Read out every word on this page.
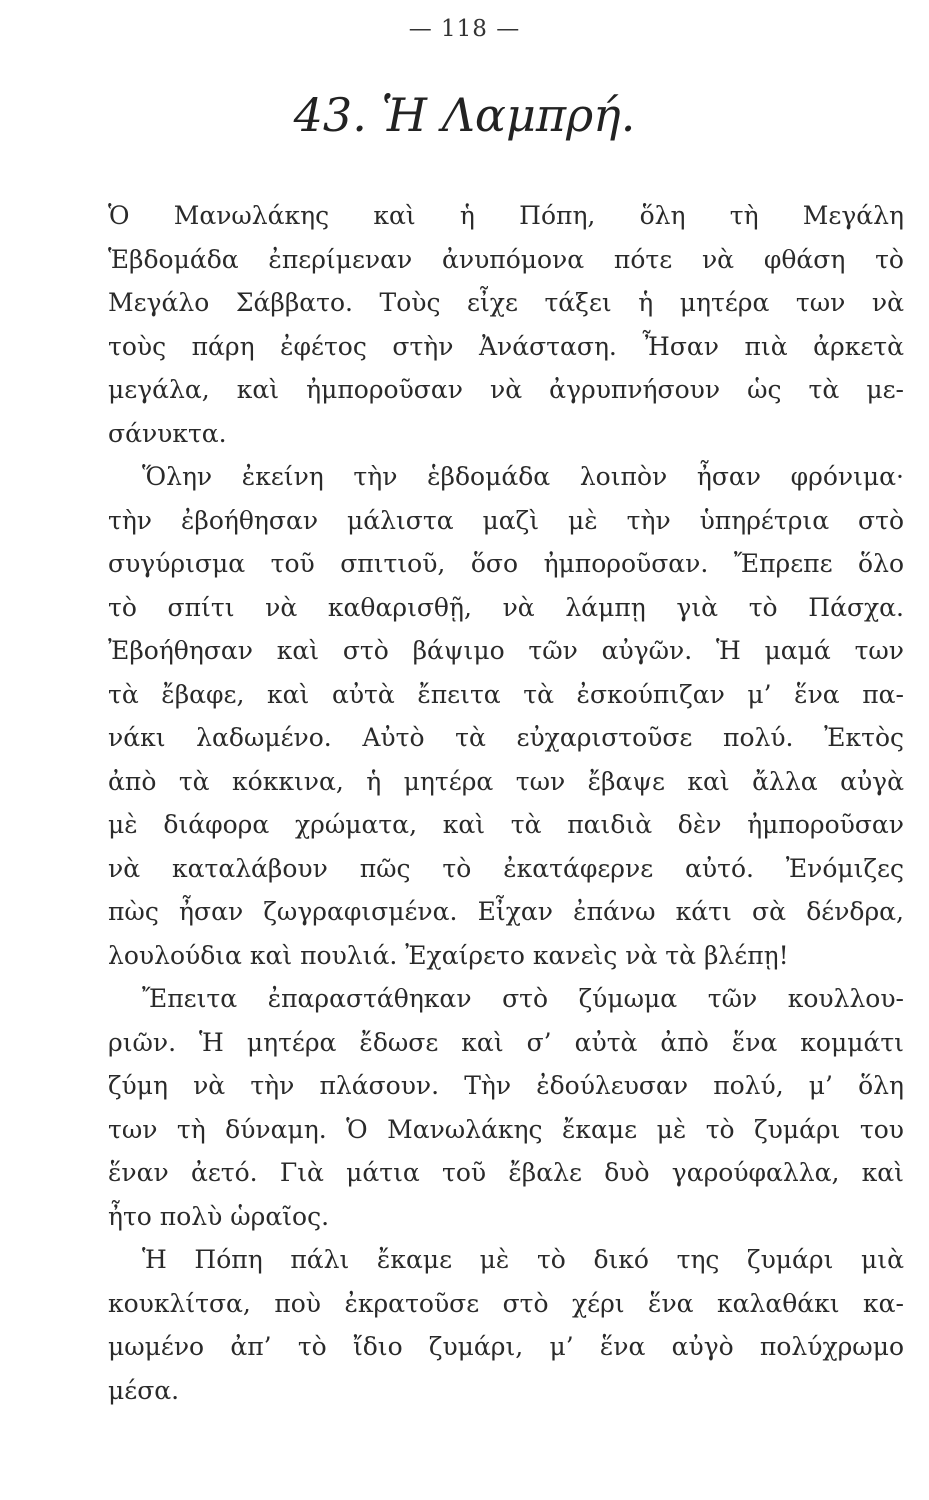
— 118 —
43. Ἡ Λαμπρή.
Ὁ Μανωλάκης καὶ ἡ Πόπη, ὅλη τὴ Μεγάλη
Ἑβδομάδα ἐπερίμεναν ἀνυπόμονα πότε νὰ φθάση τὸ
Μεγάλο Σάββατο. Τοὺς εἶχε τάξει ἡ μητέρα των νὰ
τοὺς πάρη ἐφέτος στὴν Ἀνάσταση. Ἦσαν πιὰ ἀρκετὰ
μεγάλα, καὶ ἠμποροῦσαν νὰ ἀγρυπνήσουν ὡς τὰ με-
σάνυκτα.
Ὅλην ἐκείνη τὴν ἑβδομάδα λοιπὸν ἦσαν φρόνιμα·
τὴν ἐβοήθησαν μάλιστα μαζὶ μὲ τὴν ὑπηρέτρια στὸ
συγύρισμα τοῦ σπιτιοῦ, ὅσο ἠμποροῦσαν. Ἔπρεπε ὅλο
τὸ σπίτι νὰ καθαρισθῇ, νὰ λάμπῃ γιὰ τὸ Πάσχα.
Ἐβοήθησαν καὶ στὸ βάψιμο τῶν αὐγῶν. Ἡ μαμά των
τὰ ἔβαφε, καὶ αὐτὰ ἔπειτα τὰ ἐσκούπιζαν μ’ ἕνα πα-
νάκι λαδωμένο. Αὐτὸ τὰ εὐχαριστοῦσε πολύ. Ἐκτὸς
ἀπὸ τὰ κόκκινα, ἡ μητέρα των ἔβαψε καὶ ἄλλα αὐγὰ
μὲ διάφορα χρώματα, καὶ τὰ παιδιὰ δὲν ἠμποροῦσαν
νὰ καταλάβουν πῶς τὸ ἐκατάφερνε αὐτό. Ἐνόμιζες
πὼς ἦσαν ζωγραφισμένα. Εἶχαν ἐπάνω κάτι σὰ δένδρα,
λουλούδια καὶ πουλιά. Ἐχαίρετο κανεὶς νὰ τὰ βλέπῃ!
Ἔπειτα ἐπαραστάθηκαν στὸ ζύμωμα τῶν κουλλου-
ριῶν. Ἡ μητέρα ἔδωσε καὶ σ’ αὐτὰ ἀπὸ ἕνα κομμάτι
ζύμη νὰ τὴν πλάσουν. Τὴν ἐδούλευσαν πολύ, μ’ ὅλη
των τὴ δύναμη. Ὁ Μανωλάκης ἔκαμε μὲ τὸ ζυμάρι του
ἕναν ἀετό. Γιὰ μάτια τοῦ ἔβαλε δυὸ γαρούφαλλα, καὶ
ἦτο πολὺ ὡραῖος.
Ἡ Πόπη πάλι ἔκαμε μὲ τὸ δικό της ζυμάρι μιὰ
κουκλίτσα, ποὺ ἐκρατοῦσε στὸ χέρι ἕνα καλαθάκι κα-
μωμένο ἀπ’ τὸ ἴδιο ζυμάρι, μ’ ἕνα αὐγὸ πολύχρωμο
μέσα.
